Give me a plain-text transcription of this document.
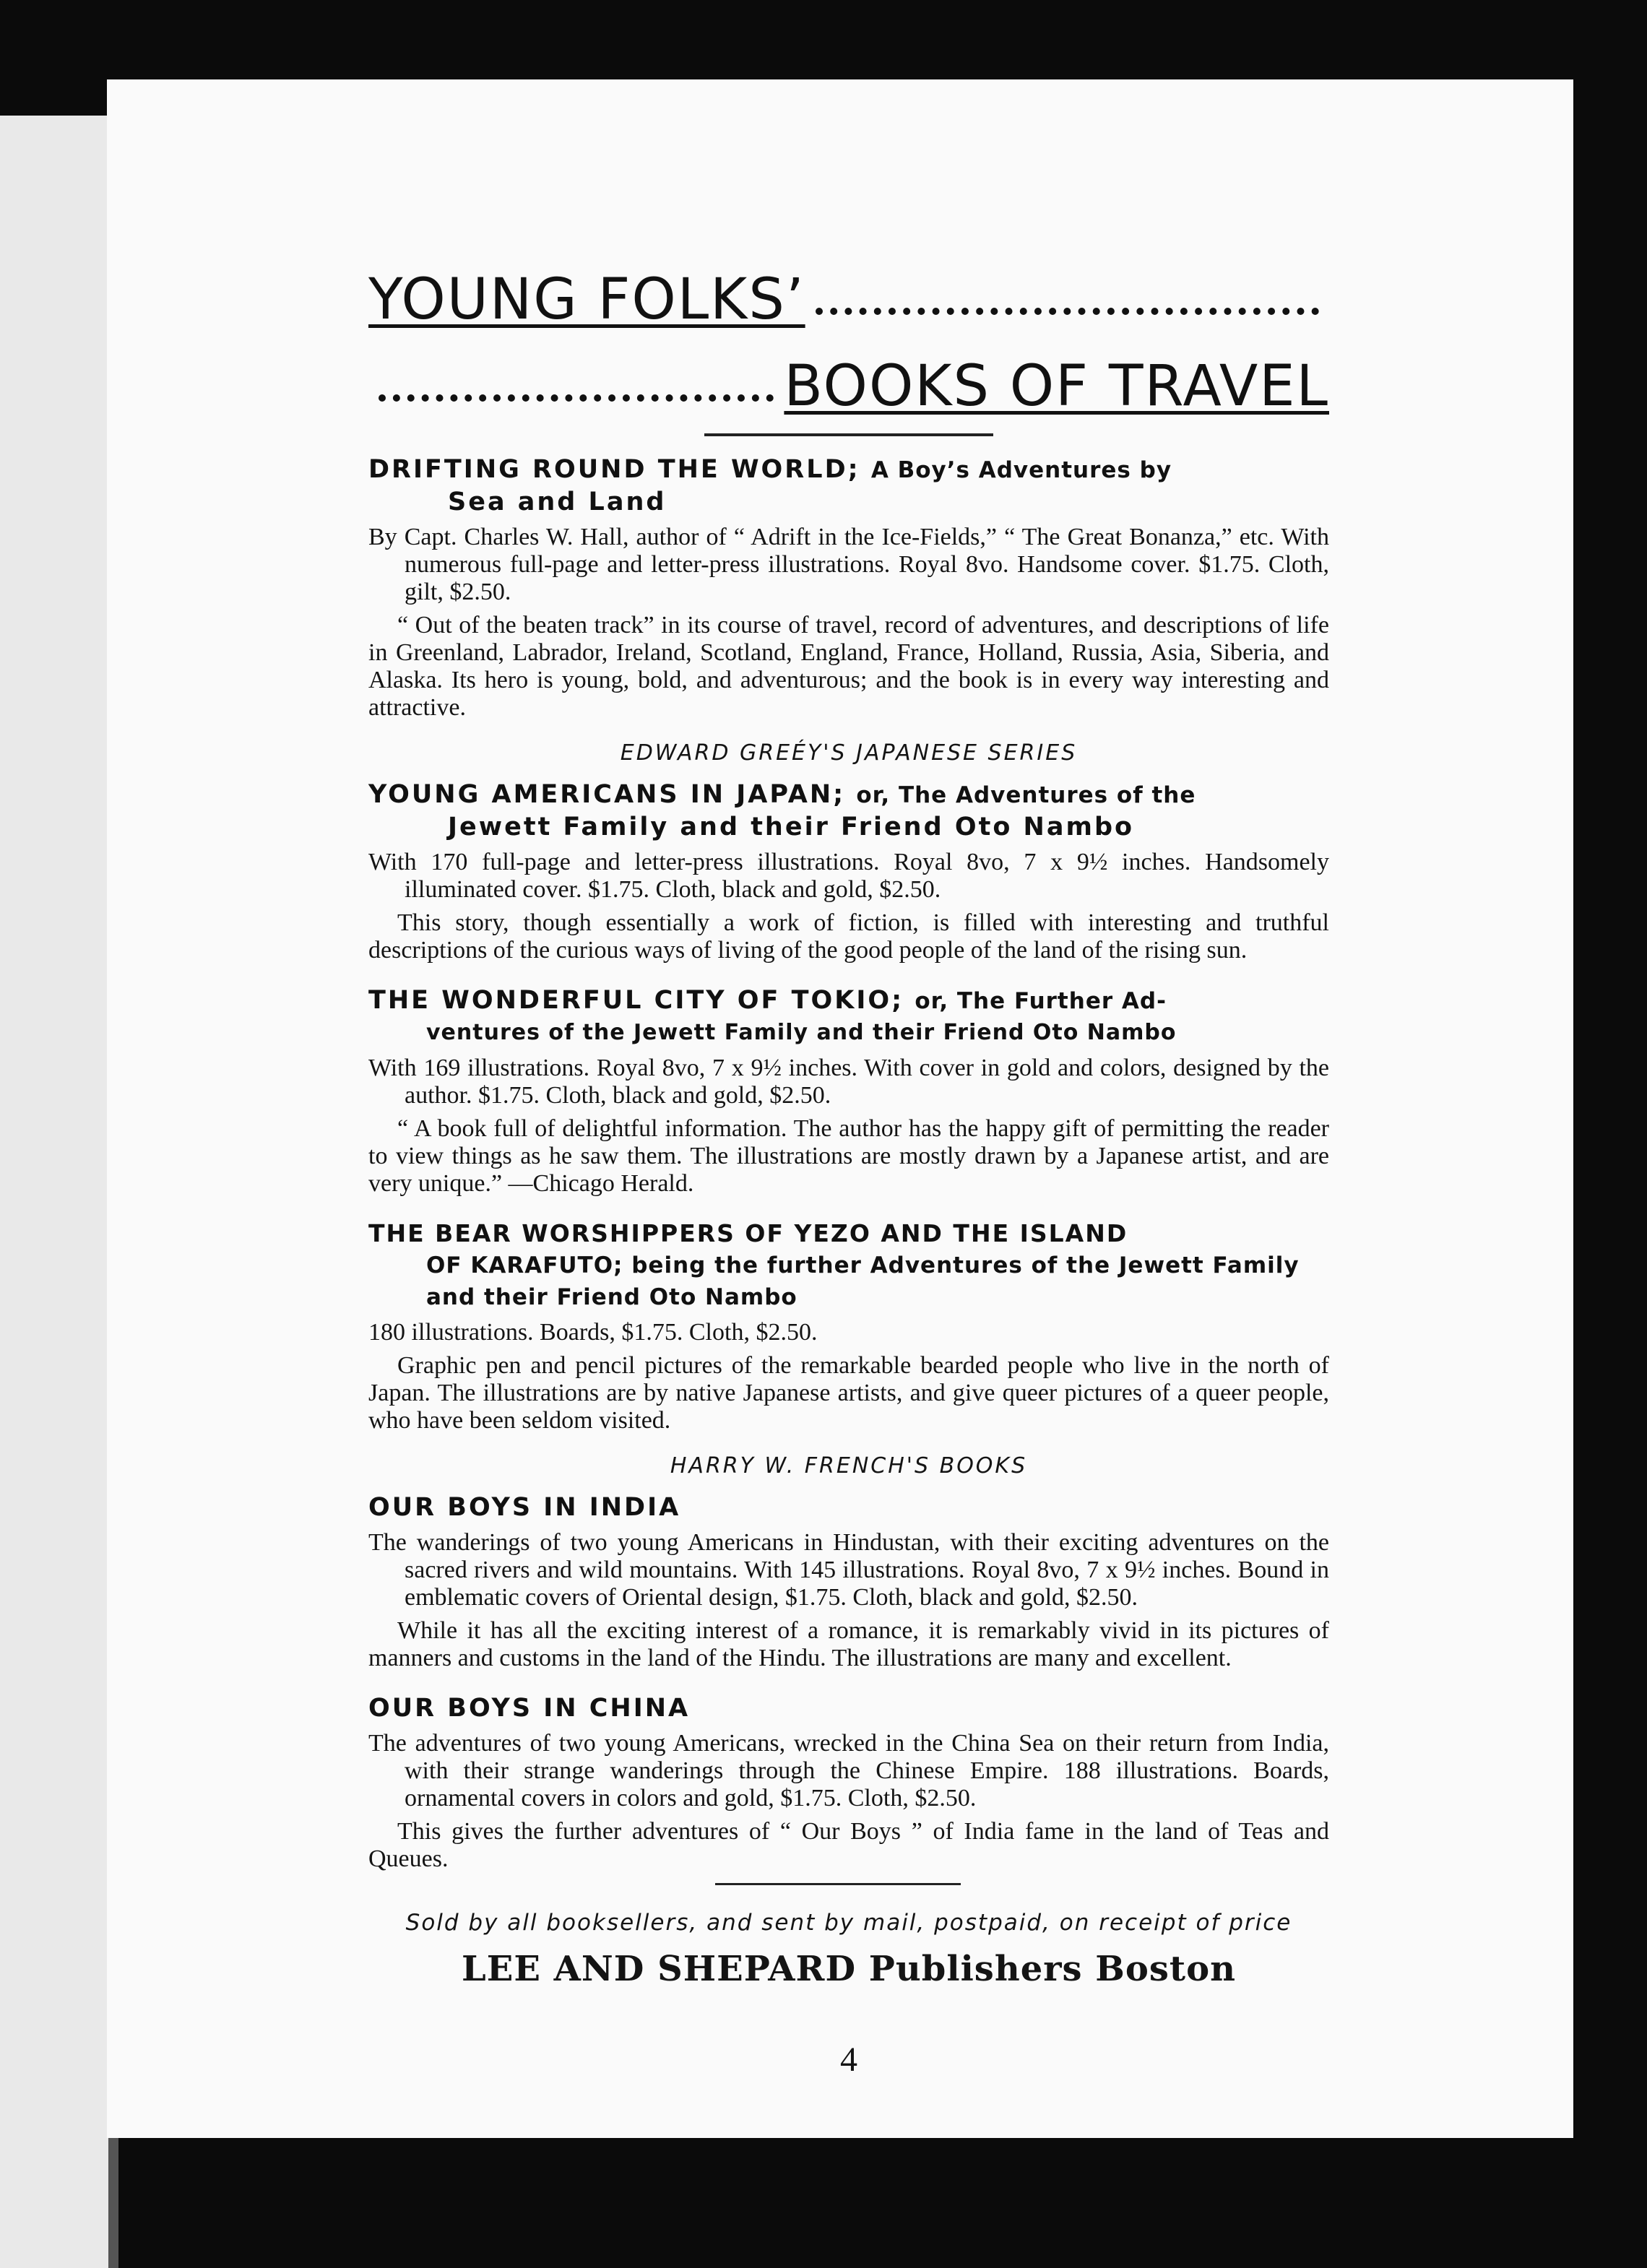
YOUNG FOLKS’
BOOKS OF TRAVEL
DRIFTING ROUND THE WORLD; A Boy’s Adventures by
Sea and Land
By Capt. Charles W. Hall, author of “ Adrift in the Ice-Fields,” “ The Great Bonanza,” etc. With numerous full-page and letter-press illustrations. Royal 8vo. Handsome cover. $1.75. Cloth, gilt, $2.50.
“ Out of the beaten track” in its course of travel, record of adventures, and descriptions of life in Greenland, Labrador, Ireland, Scotland, England, France, Holland, Russia, Asia, Siberia, and Alaska. Its hero is young, bold, and adventurous; and the book is in every way interesting and attractive.
EDWARD GREÉY'S JAPANESE SERIES
YOUNG AMERICANS IN JAPAN; or, The Adventures of the
Jewett Family and their Friend Oto Nambo
With 170 full-page and letter-press illustrations. Royal 8vo, 7 x 9½ inches. Handsomely illuminated cover. $1.75. Cloth, black and gold, $2.50.
This story, though essentially a work of fiction, is filled with interesting and truthful descriptions of the curious ways of living of the good people of the land of the rising sun.
THE WONDERFUL CITY OF TOKIO; or, The Further Ad-
ventures of the Jewett Family and their Friend Oto Nambo
With 169 illustrations. Royal 8vo, 7 x 9½ inches. With cover in gold and colors, designed by the author. $1.75. Cloth, black and gold, $2.50.
“ A book full of delightful information. The author has the happy gift of permitting the reader to view things as he saw them. The illustrations are mostly drawn by a Japanese artist, and are very unique.” —Chicago Herald.
THE BEAR WORSHIPPERS OF YEZO AND THE ISLAND
OF KARAFUTO; being the further Adventures of the Jewett Family and their Friend Oto Nambo
180 illustrations. Boards, $1.75. Cloth, $2.50.
Graphic pen and pencil pictures of the remarkable bearded people who live in the north of Japan. The illustrations are by native Japanese artists, and give queer pictures of a queer people, who have been seldom visited.
HARRY W. FRENCH'S BOOKS
OUR BOYS IN INDIA
The wanderings of two young Americans in Hindustan, with their exciting adventures on the sacred rivers and wild mountains. With 145 illustrations. Royal 8vo, 7 x 9½ inches. Bound in emblematic covers of Oriental design, $1.75. Cloth, black and gold, $2.50.
While it has all the exciting interest of a romance, it is remarkably vivid in its pictures of manners and customs in the land of the Hindu. The illustrations are many and excellent.
OUR BOYS IN CHINA
The adventures of two young Americans, wrecked in the China Sea on their return from India, with their strange wanderings through the Chinese Empire. 188 illustrations. Boards, ornamental covers in colors and gold, $1.75. Cloth, $2.50.
This gives the further adventures of “ Our Boys ” of India fame in the land of Teas and Queues.
Sold by all booksellers, and sent by mail, postpaid, on receipt of price
LEE AND SHEPARD Publishers Boston
4
